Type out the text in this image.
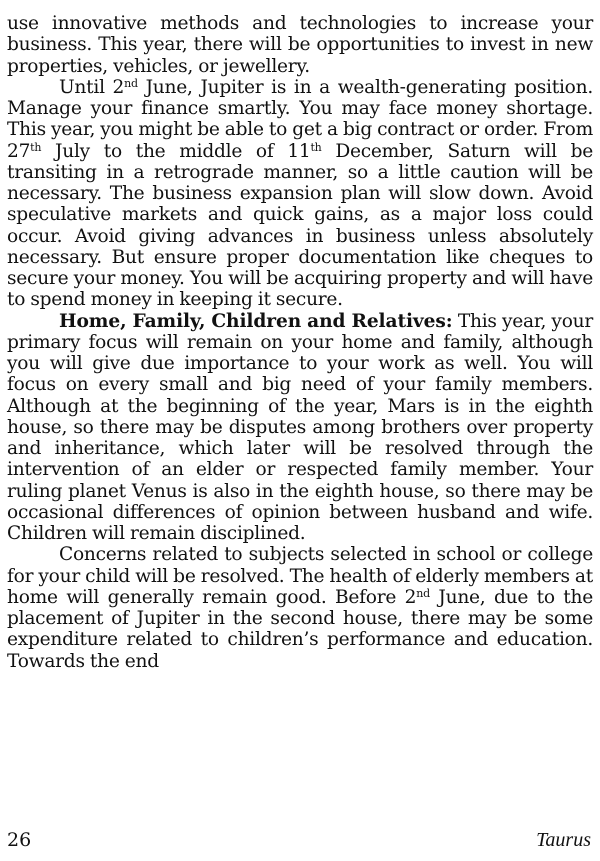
use innovative methods and technologies to increase your business. This year, there will be opportunities to invest in new properties, vehicles, or jewellery.

Until 2nd June, Jupiter is in a wealth-generating position. Manage your finance smartly. You may face money shortage. This year, you might be able to get a big contract or order. From 27th July to the middle of 11th December, Saturn will be transiting in a retrograde manner, so a little caution will be necessary. The business expansion plan will slow down. Avoid speculative markets and quick gains, as a major loss could occur. Avoid giving advances in business unless absolutely necessary. But ensure proper documentation like cheques to secure your money. You will be acquiring property and will have to spend money in keeping it secure.

Home, Family, Children and Relatives: This year, your primary focus will remain on your home and family, although you will give due importance to your work as well. You will focus on every small and big need of your family members. Although at the beginning of the year, Mars is in the eighth house, so there may be disputes among brothers over property and inheritance, which later will be resolved through the intervention of an elder or respected family member. Your ruling planet Venus is also in the eighth house, so there may be occasional differences of opinion between husband and wife. Children will remain disciplined.

Concerns related to subjects selected in school or college for your child will be resolved. The health of elderly members at home will generally remain good. Before 2nd June, due to the placement of Jupiter in the second house, there may be some expenditure related to children’s performance and education. Towards the end

26	Taurus
